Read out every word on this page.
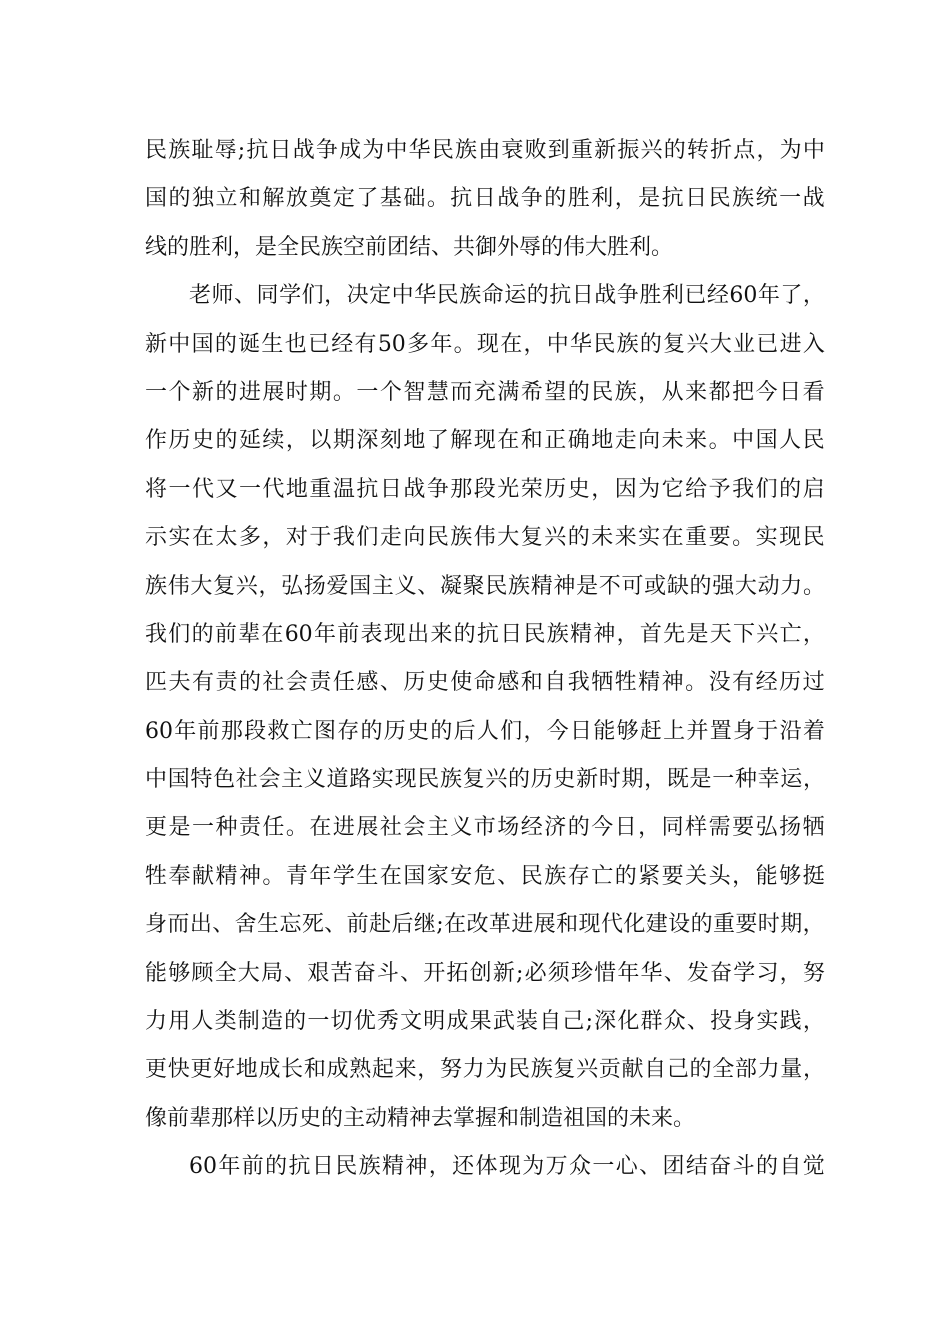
民 族 耻 辱 ; 抗 日 战 争 成 为 中 华 民 族 由 衰 败 到 重 新 振 兴 的 转 折 点 ， 为 中
国 的 独 立 和 解 放 奠 定 了 基 础 。 抗 日 战 争 的 胜 利 ， 是 抗 日 民 族 统 一 战
线的胜利，是全民族空前团结、共御外辱的伟大胜利。
老 师 、 同 学 们 ， 决 定 中 华 民 族 命 运 的 抗 日 战 争 胜 利 已 经 60 年 了 ，
新 中 国 的 诞 生 也 已 经 有 50 多 年 。 现 在 ， 中 华 民 族 的 复 兴 大 业 已 进 入
一 个 新 的 进 展 时 期 。 一 个 智 慧 而 充 满 希 望 的 民 族 ， 从 来 都 把 今 日 看
作 历 史 的 延 续 ， 以 期 深 刻 地 了 解 现 在 和 正 确 地 走 向 未 来 。 中 国 人 民
将 一 代 又 一 代 地 重 温 抗 日 战 争 那 段 光 荣 历 史 ， 因 为 它 给 予 我 们 的 启
示 实 在 太 多 ， 对 于 我 们 走 向 民 族 伟 大 复 兴 的 未 来 实 在 重 要 。 实 现 民
族 伟 大 复 兴 ， 弘 扬 爱 国 主 义 、 凝 聚 民 族 精 神 是 不 可 或 缺 的 强 大 动 力 。
我 们 的 前 辈 在 60 年 前 表 现 出 来 的 抗 日 民 族 精 神 ， 首 先 是 天 下 兴 亡 ，
匹 夫 有 责 的 社 会 责 任 感 、 历 史 使 命 感 和 自 我 牺 牲 精 神 。 没 有 经 历 过
60 年 前 那 段 救 亡 图 存 的 历 史 的 后 人 们 ， 今 日 能 够 赶 上 并 置 身 于 沿 着
中 国 特 色 社 会 主 义 道 路 实 现 民 族 复 兴 的 历 史 新 时 期 ， 既 是 一 种 幸 运 ，
更 是 一 种 责 任 。 在 进 展 社 会 主 义 市 场 经 济 的 今 日 ， 同 样 需 要 弘 扬 牺
牲 奉 献 精 神 。 青 年 学 生 在 国 家 安 危 、 民 族 存 亡 的 紧 要 关 头 ， 能 够 挺
身 而 出 、 舍 生 忘 死 、 前 赴 后 继 ; 在 改 革 进 展 和 现 代 化 建 设 的 重 要 时 期 ，
能 够 顾 全 大 局 、 艰 苦 奋 斗 、 开 拓 创 新 ; 必 须 珍 惜 年 华 、 发 奋 学 习 ， 努
力 用 人 类 制 造 的 一 切 优 秀 文 明 成 果 武 装 自 己 ; 深 化 群 众 、 投 身 实 践 ，
更 快 更 好 地 成 长 和 成 熟 起 来 ， 努 力 为 民 族 复 兴 贡 献 自 己 的 全 部 力 量 ，
像前辈那样以历史的主动精神去掌握和制造祖国的未来。
60 年 前 的 抗 日 民 族 精 神 ， 还 体 现 为 万 众 一 心 、 团 结 奋 斗 的 自 觉
